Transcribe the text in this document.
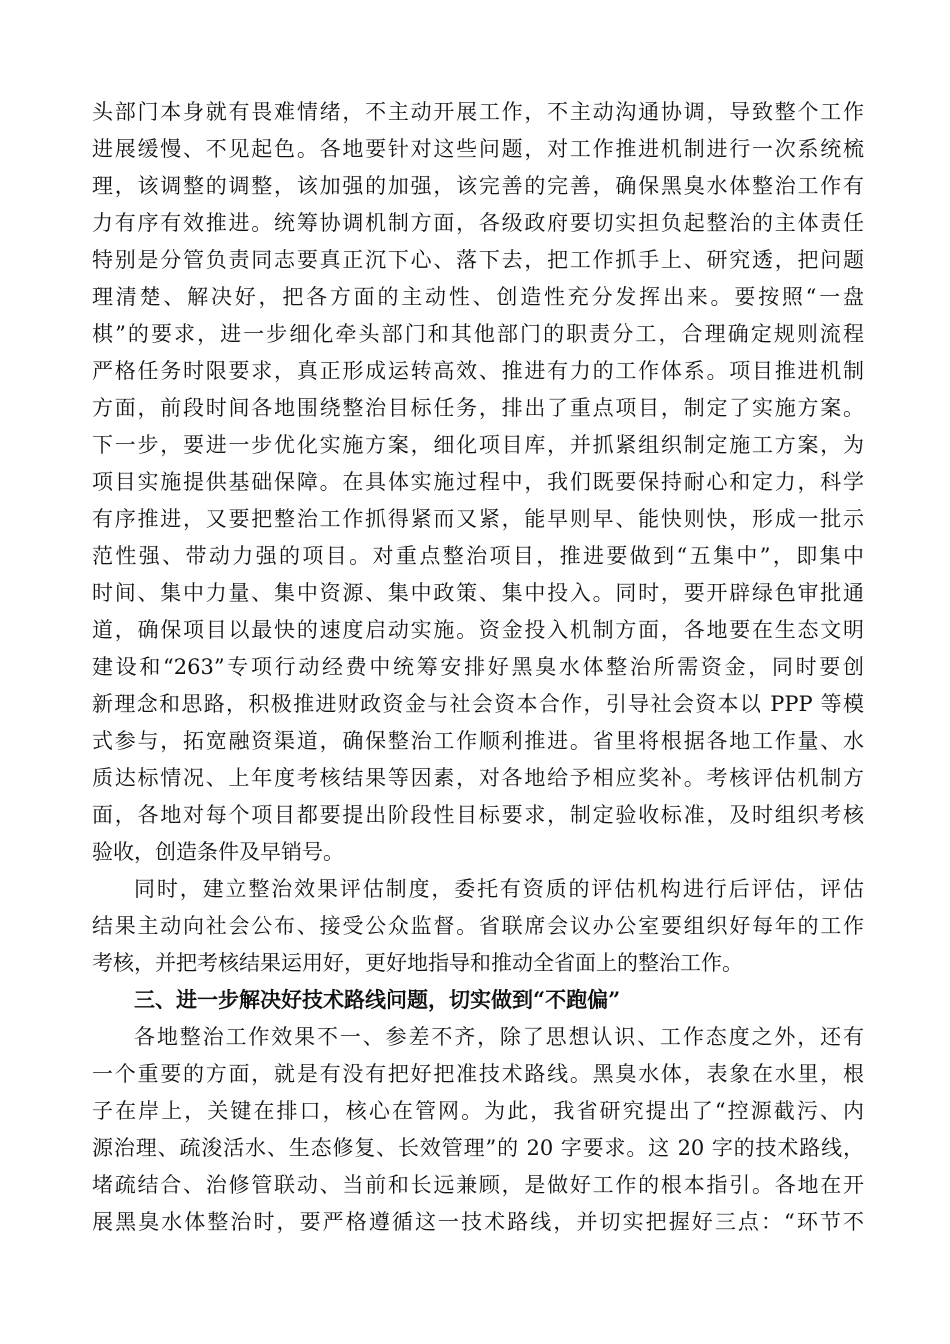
头部门本身就有畏难情绪，不主动开展工作，不主动沟通协调，导致整个工作
进展缓慢、不见起色。各地要针对这些问题，对工作推进机制进行一次系统梳
理，该调整的调整，该加强的加强，该完善的完善，确保黑臭水体整治工作有
力有序有效推进。统筹协调机制方面，各级政府要切实担负起整治的主体责任
特别是分管负责同志要真正沉下心、落下去，把工作抓手上、研究透，把问题
理清楚、解决好，把各方面的主动性、创造性充分发挥出来。要按照“一盘
棋”的要求，进一步细化牵头部门和其他部门的职责分工，合理确定规则流程
严格任务时限要求，真正形成运转高效、推进有力的工作体系。项目推进机制
方面，前段时间各地围绕整治目标任务，排出了重点项目，制定了实施方案。
下一步，要进一步优化实施方案，细化项目库，并抓紧组织制定施工方案，为
项目实施提供基础保障。在具体实施过程中，我们既要保持耐心和定力，科学
有序推进，又要把整治工作抓得紧而又紧，能早则早、能快则快，形成一批示
范性强、带动力强的项目。对重点整治项目，推进要做到“五集中”，即集中
时间、集中力量、集中资源、集中政策、集中投入。同时，要开辟绿色审批通
道，确保项目以最快的速度启动实施。资金投入机制方面，各地要在生态文明
建设和“263”专项行动经费中统筹安排好黑臭水体整治所需资金，同时要创
新理念和思路，积极推进财政资金与社会资本合作，引导社会资本以 PPP 等模
式参与，拓宽融资渠道，确保整治工作顺利推进。省里将根据各地工作量、水
质达标情况、上年度考核结果等因素，对各地给予相应奖补。考核评估机制方
面，各地对每个项目都要提出阶段性目标要求，制定验收标准，及时组织考核
验收，创造条件及早销号。
同时，建立整治效果评估制度，委托有资质的评估机构进行后评估，评估
结果主动向社会公布、接受公众监督。省联席会议办公室要组织好每年的工作
考核，并把考核结果运用好，更好地指导和推动全省面上的整治工作。
三、进一步解决好技术路线问题，切实做到“不跑偏”
各地整治工作效果不一、参差不齐，除了思想认识、工作态度之外，还有
一个重要的方面，就是有没有把好把准技术路线。黑臭水体，表象在水里，根
子在岸上，关键在排口，核心在管网。为此，我省研究提出了“控源截污、内
源治理、疏浚活水、生态修复、长效管理”的 20 字要求。这 20 字的技术路线，
堵疏结合、治修管联动、当前和长远兼顾，是做好工作的根本指引。各地在开
展黑臭水体整治时，要严格遵循这一技术路线，并切实把握好三点：“环节不
